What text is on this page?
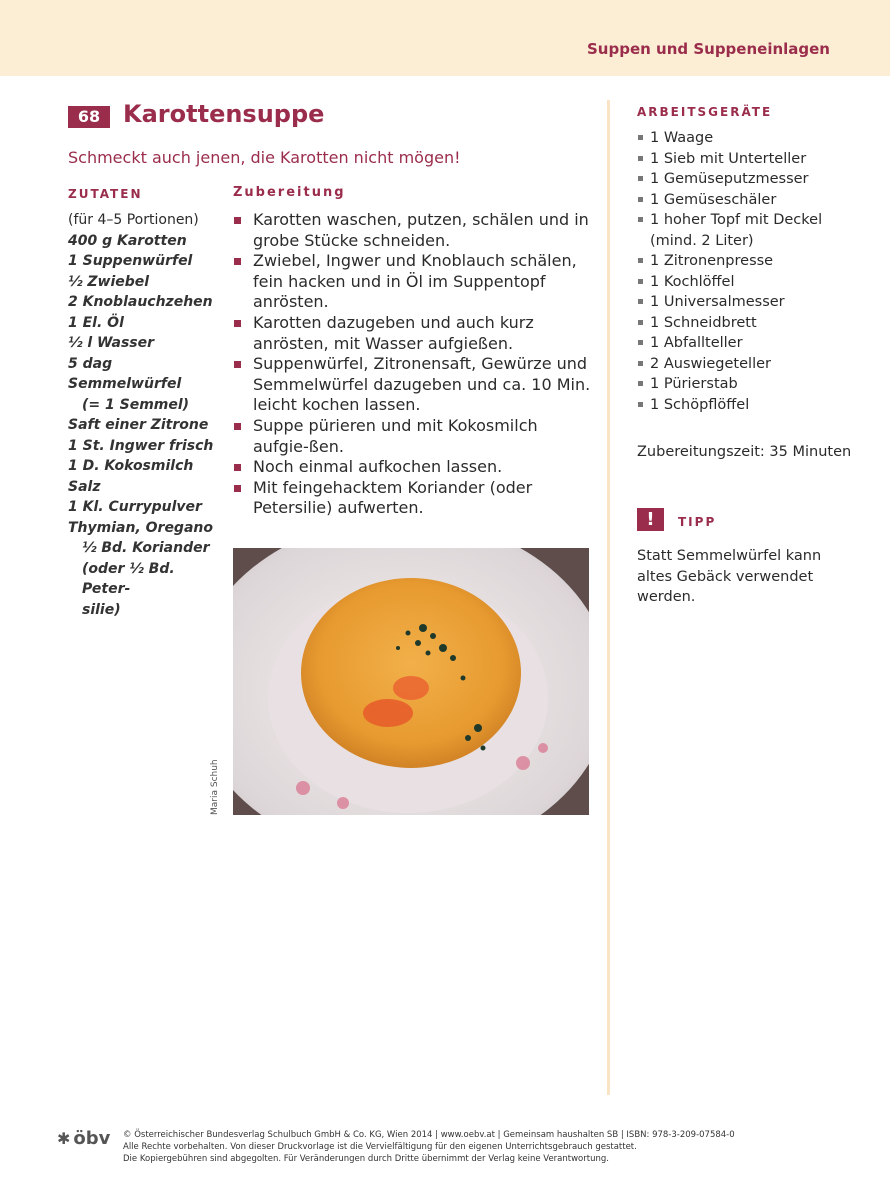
Suppen und Suppeneinlagen
68 Karottensuppe
Schmeckt auch jenen, die Karotten nicht mögen!
ZUTATEN	Zubereitung
(für 4–5 Portionen)
400 g Karotten
1 Suppenwürfel
½ Zwiebel
2 Knoblauchzehen
1 El. Öl
½ l Wasser
5 dag Semmelwürfel
(= 1 Semmel)
Saft einer Zitrone
1 St. Ingwer frisch
1 D. Kokosmilch
Salz
1 Kl. Currypulver
Thymian, Oregano
½ Bd. Koriander
(oder ½ Bd. Peter-
silie)
Karotten waschen, putzen, schälen und in grobe Stücke schneiden.
Zwiebel, Ingwer und Knoblauch schälen, fein hacken und in Öl im Suppentopf anrösten.
Karotten dazugeben und auch kurz anrösten, mit Wasser aufgießen.
Suppenwürfel, Zitronensaft, Gewürze und Semmelwürfel dazugeben und ca. 10 Min. leicht kochen lassen.
Suppe pürieren und mit Kokosmilch aufgie-ßen.
Noch einmal aufkochen lassen.
Mit feingehacktem Koriander (oder Petersilie) aufwerten.
Maria Schuh
ARBEITSGERÄTE
1 Waage
1 Sieb mit Unterteller
1 Gemüseputzmesser
1 Gemüseschäler
1 hoher Topf mit Deckel (mind. 2 Liter)
1 Zitronenpresse
1 Kochlöffel
1 Universalmesser
1 Schneidbrett
1 Abfallteller
2 Auswiegeteller
1 Pürierstab
1 Schöpflöffel
Zubereitungszeit: 35 Minuten
!	TIPP
Statt Semmelwürfel kann altes Gebäck verwendet werden.
✱ öbv © Österreichischer Bundesverlag Schulbuch GmbH & Co. KG, Wien 2014 | www.oebv.at | Gemeinsam haushalten SB | ISBN: 978-3-209-07584-0
Alle Rechte vorbehalten. Von dieser Druckvorlage ist die Vervielfältigung für den eigenen Unterrichtsgebrauch gestattet.
Die Kopiergebühren sind abgegolten. Für Veränderungen durch Dritte übernimmt der Verlag keine Verantwortung.
